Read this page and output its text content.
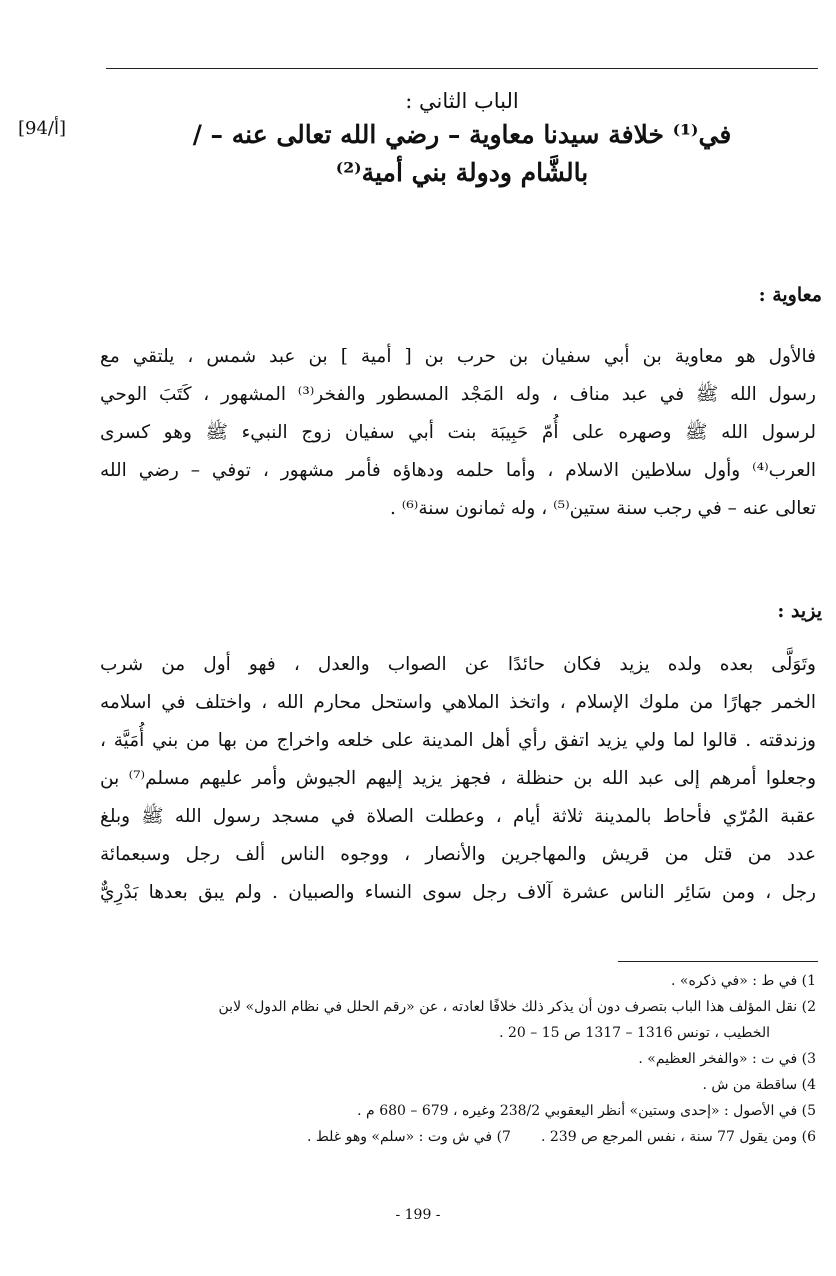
[94/أ]
الباب الثاني :
في⁽¹⁾ خلافة سيدنا معاوية – رضي الله تعالى عنه – /
بالشَّام ودولة بني أمية⁽²⁾
معاوية :
فالأول هو معاوية بن أبي سفيان بن حرب بن [ أمية ] بن عبد شمس ، يلتقي مع
رسول الله ﷺ في عبد مناف ، وله المَجْد المسطور والفخر⁽³⁾ المشهور ، كَتَبَ الوحي
لرسول الله ﷺ وصهره على أُمّ حَبِيبَة بنت أبي سفيان زوج النبيء ﷺ وهو كسرى
العرب⁽⁴⁾ وأول سلاطين الاسلام ، وأما حلمه ودهاؤه فأمر مشهور ، توفي – رضي الله
تعالى عنه – في رجب سنة ستين⁽⁵⁾ ، وله ثمانون سنة⁽⁶⁾ .
يزيد :
وتَوَلَّى بعده ولده يزيد فكان حائدًا عن الصواب والعدل ، فهو أول من شرب
الخمر جهارًا من ملوك الإسلام ، واتخذ الملاهي واستحل محارم الله ، واختلف في اسلامه
وزندقته . قالوا لما ولي يزيد اتفق رأي أهل المدينة على خلعه واخراج من بها من بني أُمَيَّة ،
وجعلوا أمرهم إلى عبد الله بن حنظلة ، فجهز يزيد إليهم الجيوش وأمر عليهم مسلم⁽⁷⁾ بن
عقبة المُرّي فأحاط بالمدينة ثلاثة أيام ، وعطلت الصلاة في مسجد رسول الله ﷺ وبلغ
عدد من قتل من قريش والمهاجرين والأنصار ، ووجوه الناس ألف رجل وسبعمائة
رجل ، ومن سَائِر الناس عشرة آلاف رجل سوى النساء والصبيان . ولم يبق بعدها بَدْرِيٌّ
1) في ط : «في ذكره» .
2) نقل المؤلف هذا الباب بتصرف دون أن يذكر ذلك خلافًا لعادته ، عن «رقم الحلل في نظام الدول» لابن
الخطيب ، تونس 1316 – 1317 ص 15 – 20 .
3) في ت : «والفخر العظيم» .
4) ساقطة من ش .
5) في الأصول : «إحدى وستين» أنظر اليعقوبي 238/2 وغيره ، 679 – 680 م .
6) ومن يقول 77 سنة ، نفس المرجع ص 239 .
7) في ش وت : «سلم» وهو غلط .
- 199 -
